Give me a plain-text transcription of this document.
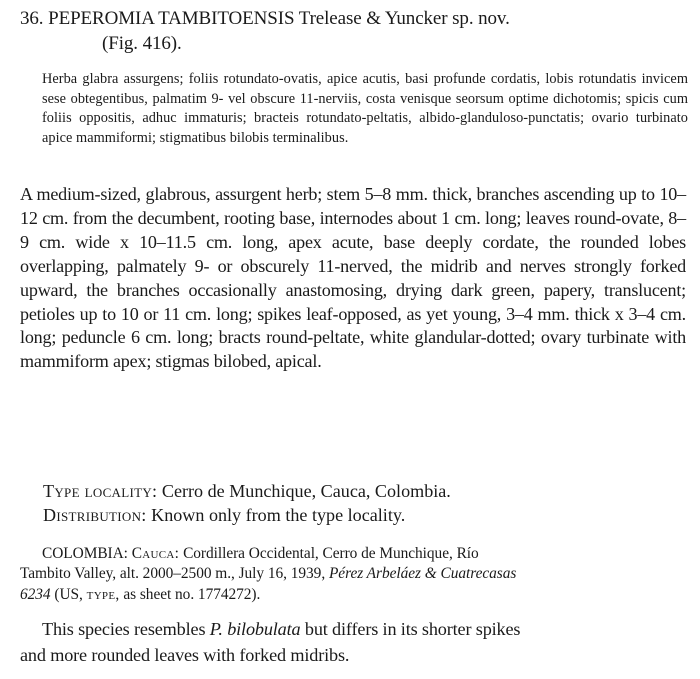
36. PEPEROMIA TAMBITOENSIS Trelease & Yuncker sp. nov.
(Fig. 416).
Herba glabra assurgens; foliis rotundato-ovatis, apice acutis, basi profunde cordatis, lobis rotundatis invicem sese obtegentibus, palmatim 9- vel obscure 11-nerviis, costa venisque seorsum optime dichotomis; spicis cum foliis oppositis, adhuc immaturis; bracteis rotundato-peltatis, albido-glanduloso-punctatis; ovario turbinato apice mammiformi; stigmatibus bilobis terminalibus.
A medium-sized, glabrous, assurgent herb; stem 5–8 mm. thick, branches ascending up to 10–12 cm. from the decumbent, rooting base, internodes about 1 cm. long; leaves round-ovate, 8–9 cm. wide x 10–11.5 cm. long, apex acute, base deeply cordate, the rounded lobes overlapping, palmately 9- or obscurely 11-nerved, the midrib and nerves strongly forked upward, the branches occasionally anastomosing, drying dark green, papery, translucent; petioles up to 10 or 11 cm. long; spikes leaf-opposed, as yet young, 3–4 mm. thick x 3–4 cm. long; peduncle 6 cm. long; bracts round-peltate, white glandular-dotted; ovary turbinate with mammiform apex; stigmas bilobed, apical.
Type locality: Cerro de Munchique, Cauca, Colombia.
Distribution: Known only from the type locality.
COLOMBIA: Cauca: Cordillera Occidental, Cerro de Munchique, Río
Tambito Valley, alt. 2000–2500 m., July 16, 1939, Pérez Arbeláez & Cuatrecasas
6234 (US, type, as sheet no. 1774272).
This species resembles P. bilobulata but differs in its shorter spikes
and more rounded leaves with forked midribs.
